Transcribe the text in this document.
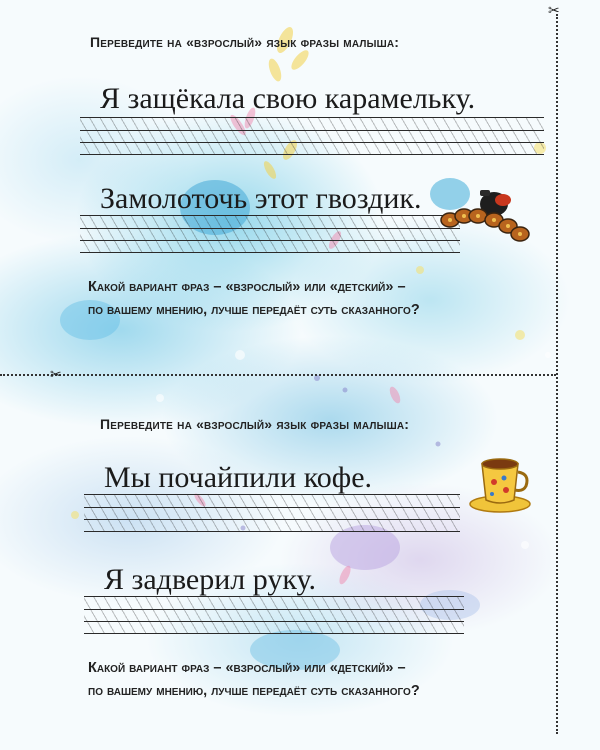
✂
✂
Переведите на «взрослый» язык фразы малыша:
Я защёкала свою карамельку.
Замолоточь этот гвоздик.
Какой вариант фраз – «взрослый» или «детский» –
по вашему мнению, лучше передаёт суть сказанного?
Переведите на «взрослый» язык фразы малыша:
Мы почайпили кофе.
Я задверил руку.
Какой вариант фраз – «взрослый» или «детский» –
по вашему мнению, лучше передаёт суть сказанного?
